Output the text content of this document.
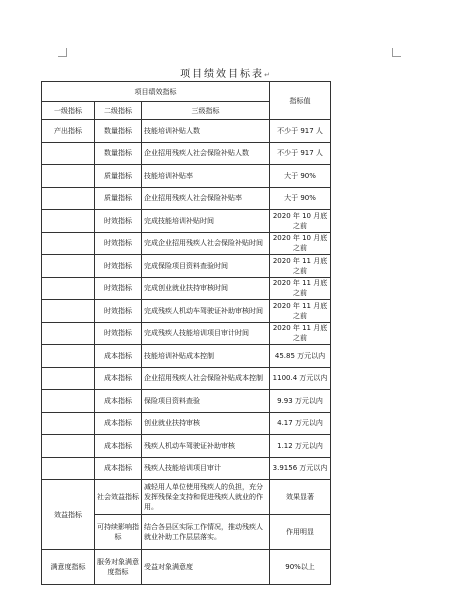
项目绩效目标表↵
项目绩效指标			指标值
一级指标	二级指标	三级指标	
产出指标	数量指标	技能培训补贴人数	不少于 917 人
	数量指标	企业招用残疾人社会保险补贴人数	不少于 917 人
	质量指标	技能培训补贴率	大于 90%
	质量指标	企业招用残疾人社会保险补贴率	大于 90%
	时效指标	完成技能培训补贴时间	2020 年 10 月底之前
	时效指标	完成企业招用残疾人社会保险补贴时间	2020 年 10 月底之前
	时效指标	完成保险项目资料查验时间	2020 年 11 月底之前
	时效指标	完成创业就业扶持审核时间	2020 年 11 月底之前
	时效指标	完成残疾人机动车驾驶证补助审核时间	2020 年 11 月底之前
	时效指标	完成残疾人技能培训项目审计时间	2020 年 11 月底之前
	成本指标	技能培训补贴成本控制	45.85 万元以内
	成本指标	企业招用残疾人社会保险补贴成本控制	1100.4 万元以内
	成本指标	保险项目资料查验	9.93 万元以内
	成本指标	创业就业扶持审核	4.17 万元以内
	成本指标	残疾人机动车驾驶证补助审核	1.12 万元以内
	成本指标	残疾人技能培训项目审计	3.9156 万元以内
效益指标	社会效益指标	减轻用人单位使用残疾人的负担，充分发挥残保金支持和促进残疾人就业的作用。	效果显著
	可持续影响指标	结合各县区实际工作情况，推动残疾人就业补助工作层层落实。	作用明显
满意度指标	服务对象满意度指标	受益对象满意度	90%以上
